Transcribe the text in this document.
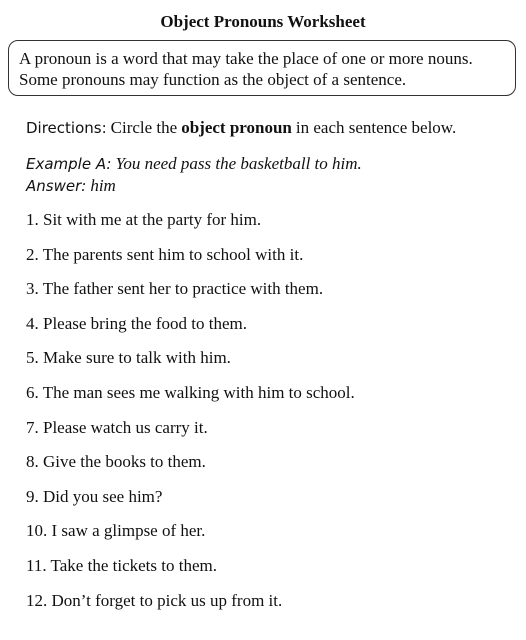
Object Pronouns Worksheet
A pronoun is a word that may take the place of one or more nouns.
Some pronouns may function as the object of a sentence.
Directions: Circle the object pronoun in each sentence below.
Example A: You need pass the basketball to him.
Answer: him
1. Sit with me at the party for him.
2. The parents sent him to school with it.
3. The father sent her to practice with them.
4. Please bring the food to them.
5. Make sure to talk with him.
6. The man sees me walking with him to school.
7. Please watch us carry it.
8. Give the books to them.
9. Did you see him?
10. I saw a glimpse of her.
11. Take the tickets to them.
12. Don’t forget to pick us up from it.
